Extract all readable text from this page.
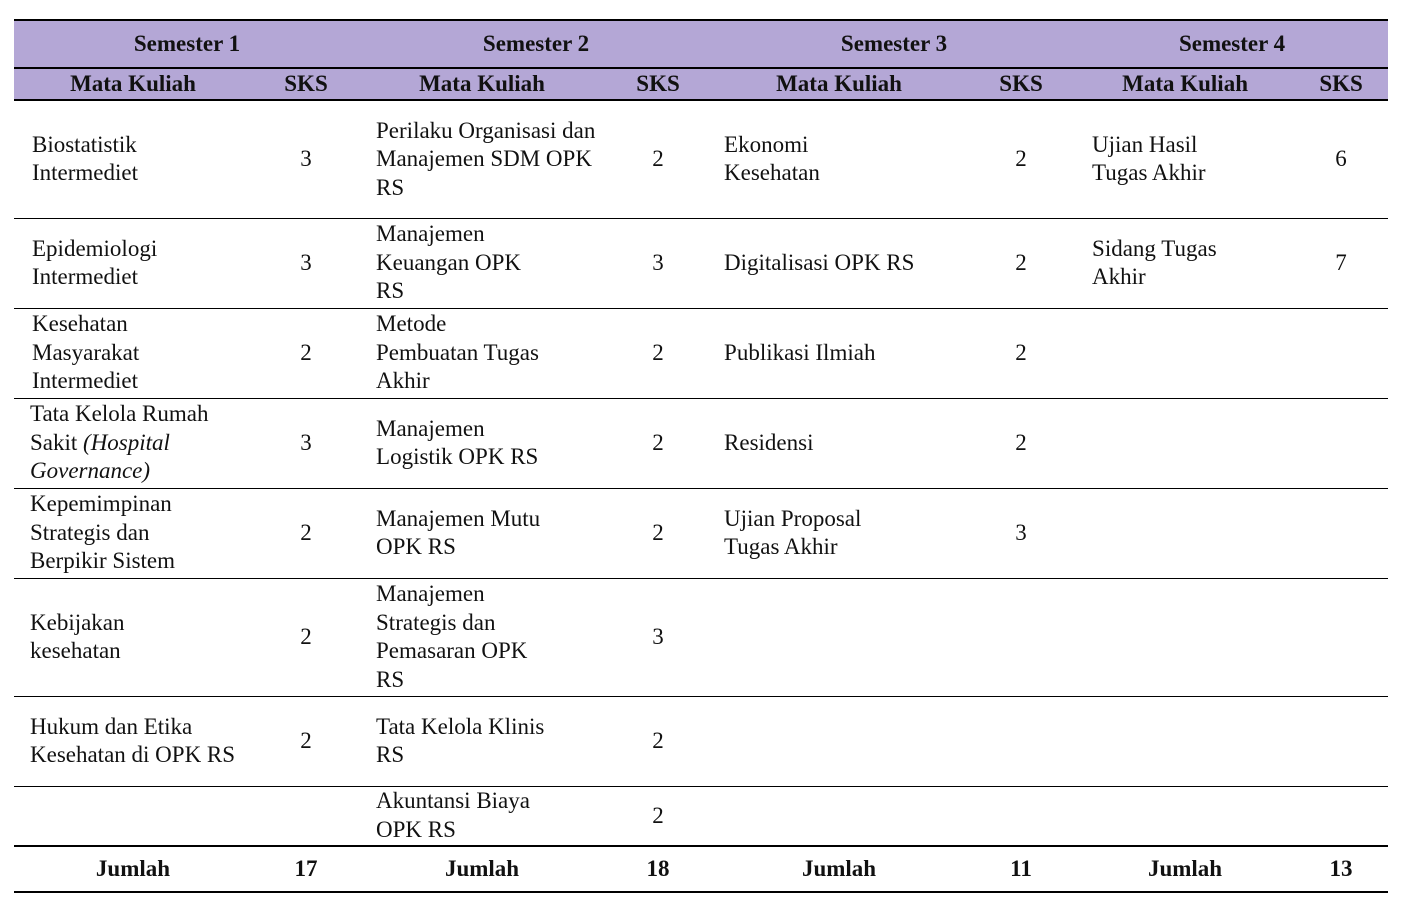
Semester 1		Semester 2		Semester 3		Semester 4	
Mata Kuliah	SKS	Mata Kuliah	SKS	Mata Kuliah	SKS	Mata Kuliah	SKS
Biostatistik Intermediet	3	Perilaku Organisasi dan Manajemen SDM OPK RS	2	Ekonomi Kesehatan	2	Ujian Hasil Tugas Akhir	6
Epidemiologi Intermediet	3	Manajemen Keuangan OPK RS	3	Digitalisasi OPK RS	2	Sidang Tugas Akhir	7
Kesehatan Masyarakat Intermediet	2	Metode Pembuatan Tugas Akhir	2	Publikasi Ilmiah	2		
Tata Kelola Rumah Sakit (Hospital Governance)	3	Manajemen Logistik OPK RS	2	Residensi	2		
Kepemimpinan Strategis dan Berpikir Sistem	2	Manajemen Mutu OPK RS	2	Ujian Proposal Tugas Akhir	3		
Kebijakan kesehatan	2	Manajemen Strategis dan Pemasaran OPK RS	3				
Hukum dan Etika Kesehatan di OPK RS	2	Tata Kelola Klinis RS	2				
		Akuntansi Biaya OPK RS	2				
Jumlah	17	Jumlah	18	Jumlah	11	Jumlah	13
